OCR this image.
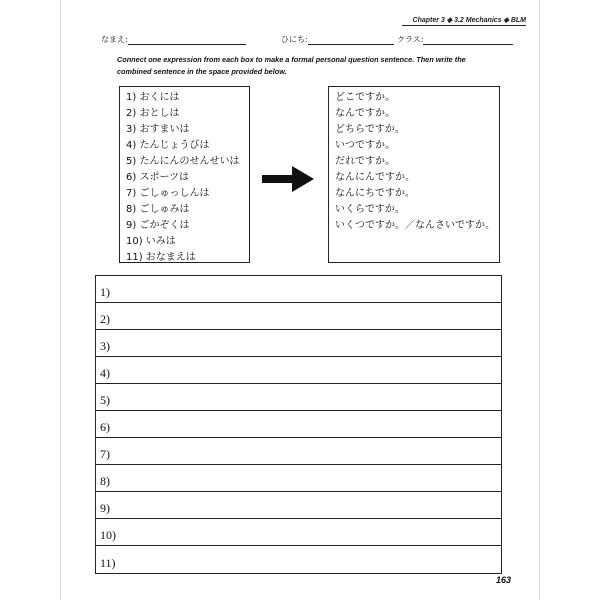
Chapter 3 ◆ 3.2 Mechanics ◆ BLM
なまえ:	ひにち:	クラス:
Connect one expression from each box to make a formal personal question sentence. Then write the combined sentence in the space provided below.
1) おくには
2) おとしは
3) おすまいは
4) たんじょうびは
5) たんにんのせんせいは
6) スポーツは
7) ごしゅっしんは
8) ごしゅみは
9) ごかぞくは
10) いみは
11) おなまえは
どこですか。
なんですか。
どちらですか。
いつですか。
だれですか。
なんにんですか。
なんにちですか。
いくらですか。
いくつですか。／なんさいですか。
1)
2)
3)
4)
5)
6)
7)
8)
9)
10)
11)
163
